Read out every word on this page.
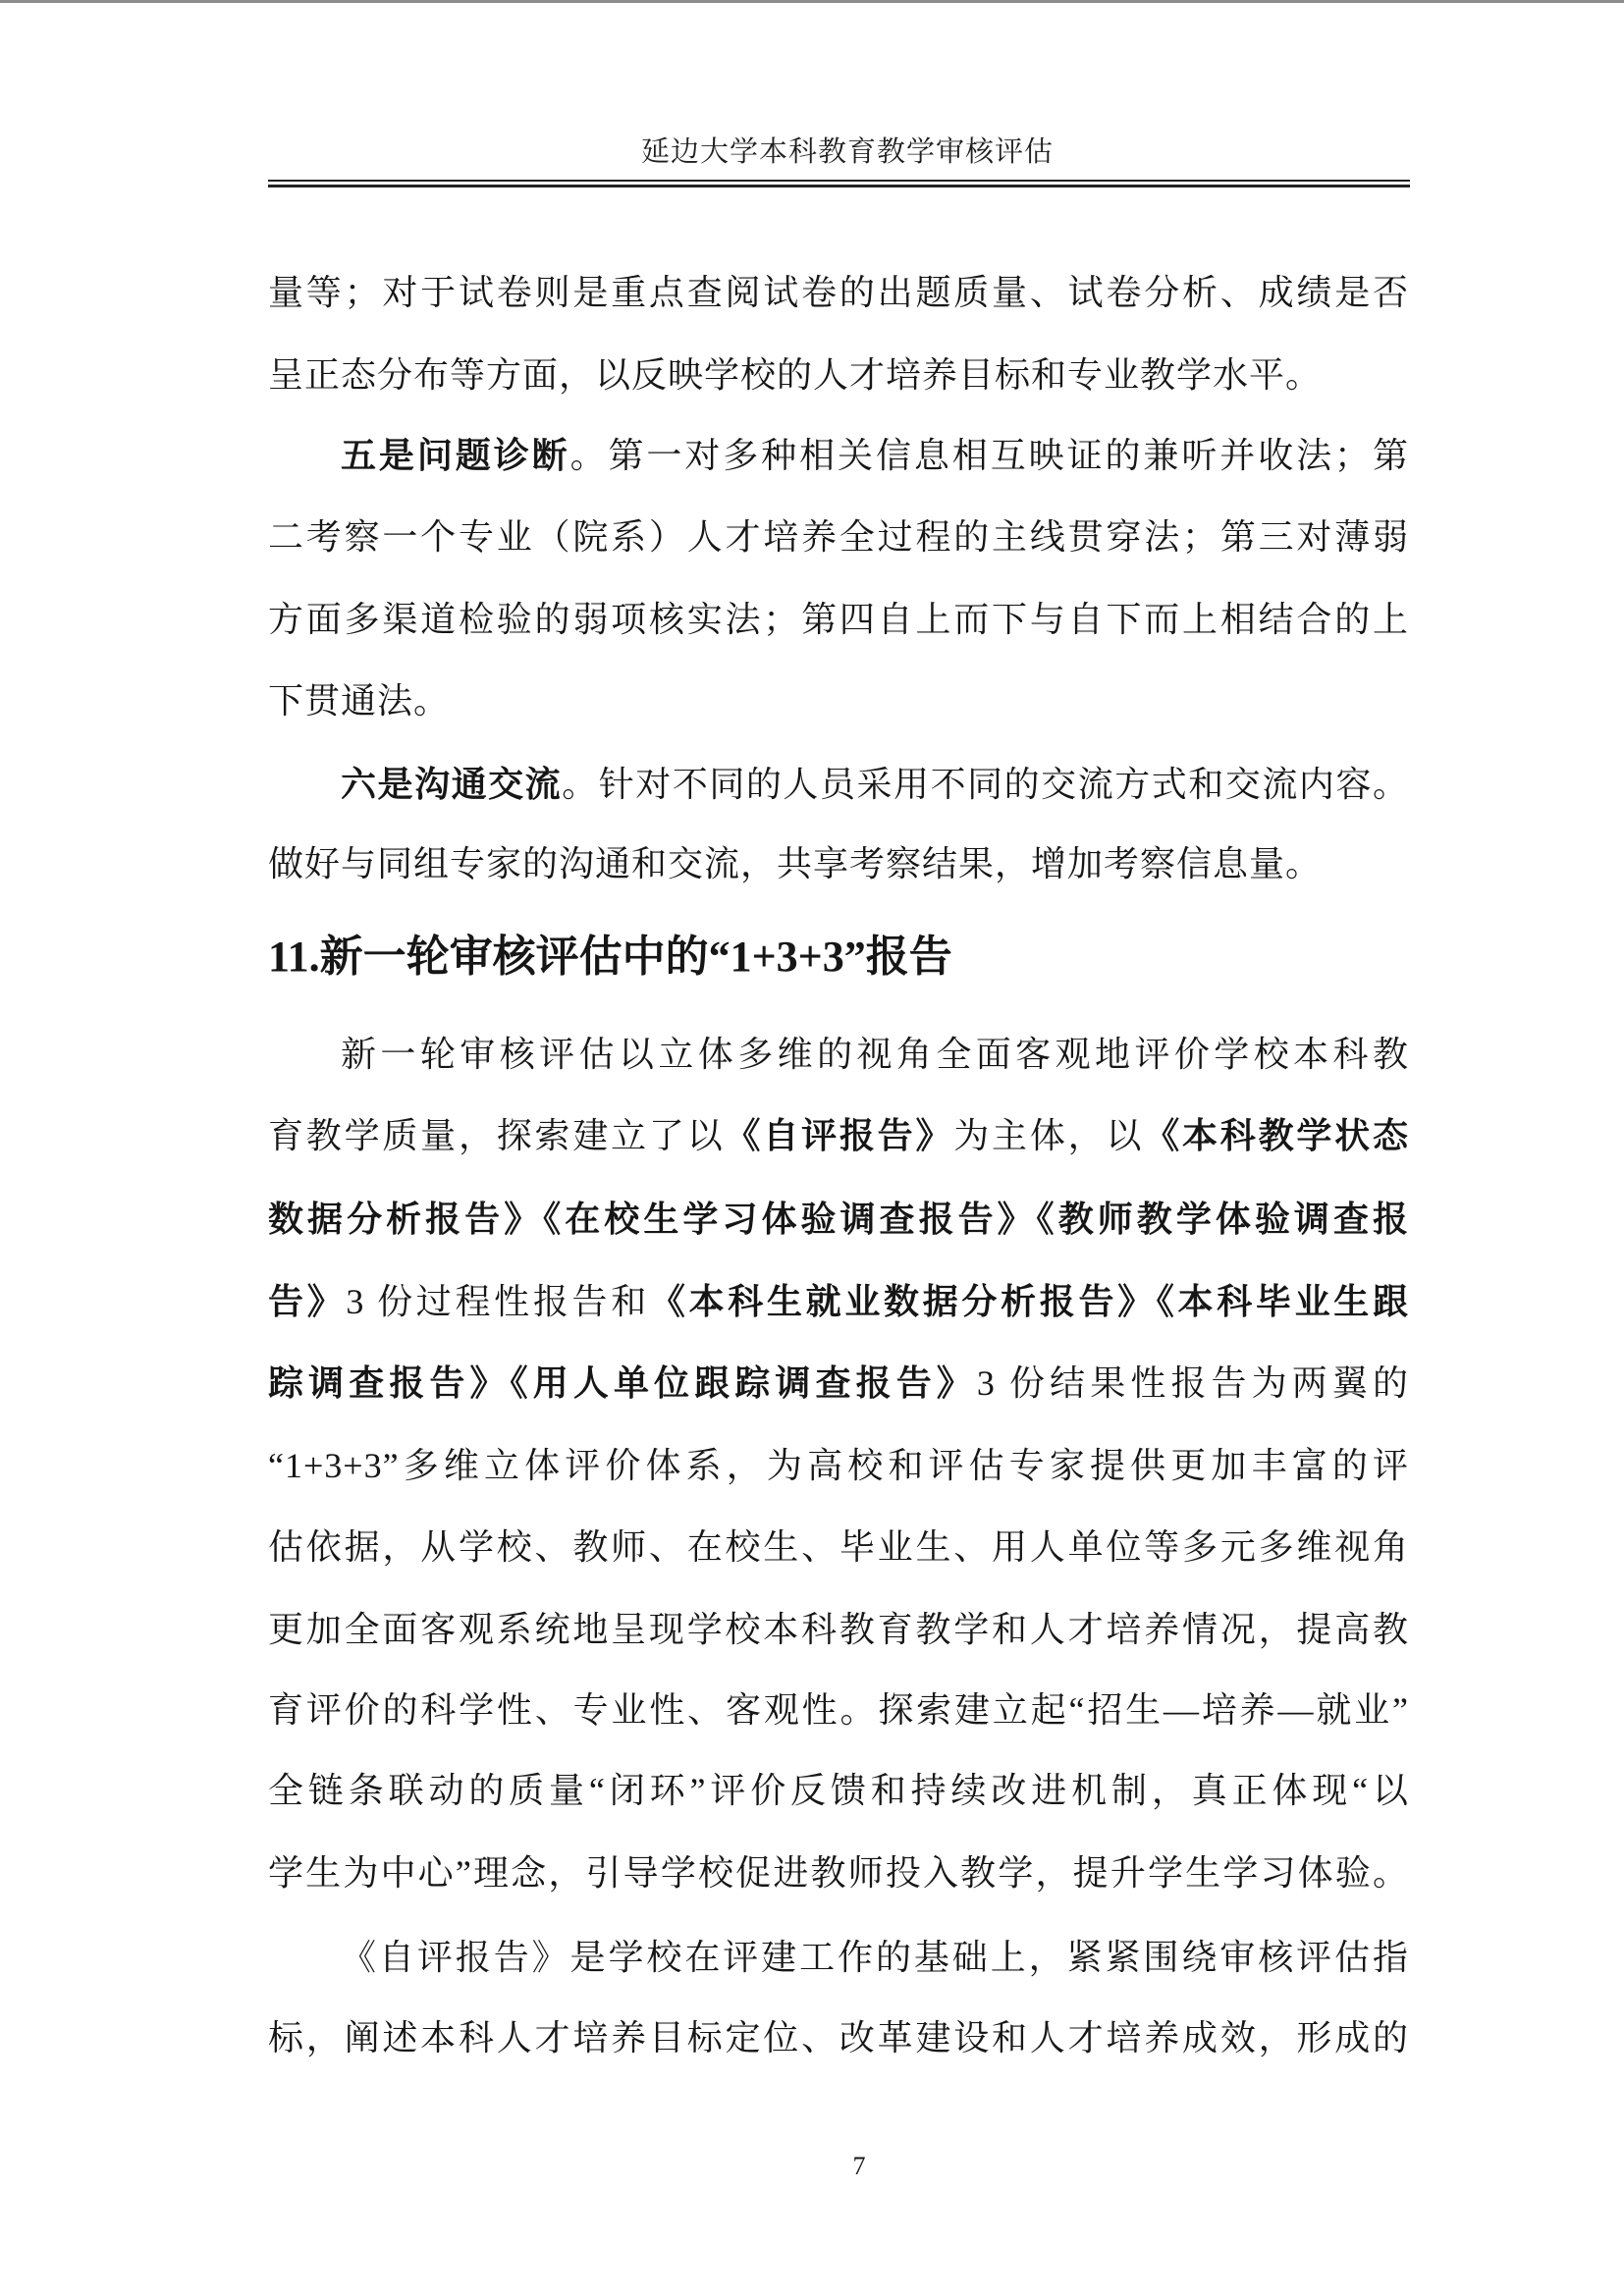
延边大学本科教育教学审核评估
量等；对于试卷则是重点查阅试卷的出题质量、试卷分析、成绩是否
呈正态分布等方面，以反映学校的人才培养目标和专业教学水平。
五是问题诊断。第一对多种相关信息相互映证的兼听并收法；第
二考察一个专业（院系）人才培养全过程的主线贯穿法；第三对薄弱
方面多渠道检验的弱项核实法；第四自上而下与自下而上相结合的上
下贯通法。
六是沟通交流。针对不同的人员采用不同的交流方式和交流内容。
做好与同组专家的沟通和交流，共享考察结果，增加考察信息量。
11.新一轮审核评估中的“1+3+3”报告
新一轮审核评估以立体多维的视角全面客观地评价学校本科教
育教学质量，探索建立了以《自评报告》为主体，以《本科教学状态
数据分析报告》《在校生学习体验调查报告》《教师教学体验调查报
告》3 份过程性报告和《本科生就业数据分析报告》《本科毕业生跟
踪调查报告》《用人单位跟踪调查报告》3 份结果性报告为两翼的
“1+3+3”多维立体评价体系，为高校和评估专家提供更加丰富的评
估依据，从学校、教师、在校生、毕业生、用人单位等多元多维视角
更加全面客观系统地呈现学校本科教育教学和人才培养情况，提高教
育评价的科学性、专业性、客观性。探索建立起“招生—培养—就业”
全链条联动的质量“闭环”评价反馈和持续改进机制，真正体现“以
学生为中心”理念，引导学校促进教师投入教学，提升学生学习体验。
《自评报告》是学校在评建工作的基础上，紧紧围绕审核评估指
标，阐述本科人才培养目标定位、改革建设和人才培养成效，形成的
7
